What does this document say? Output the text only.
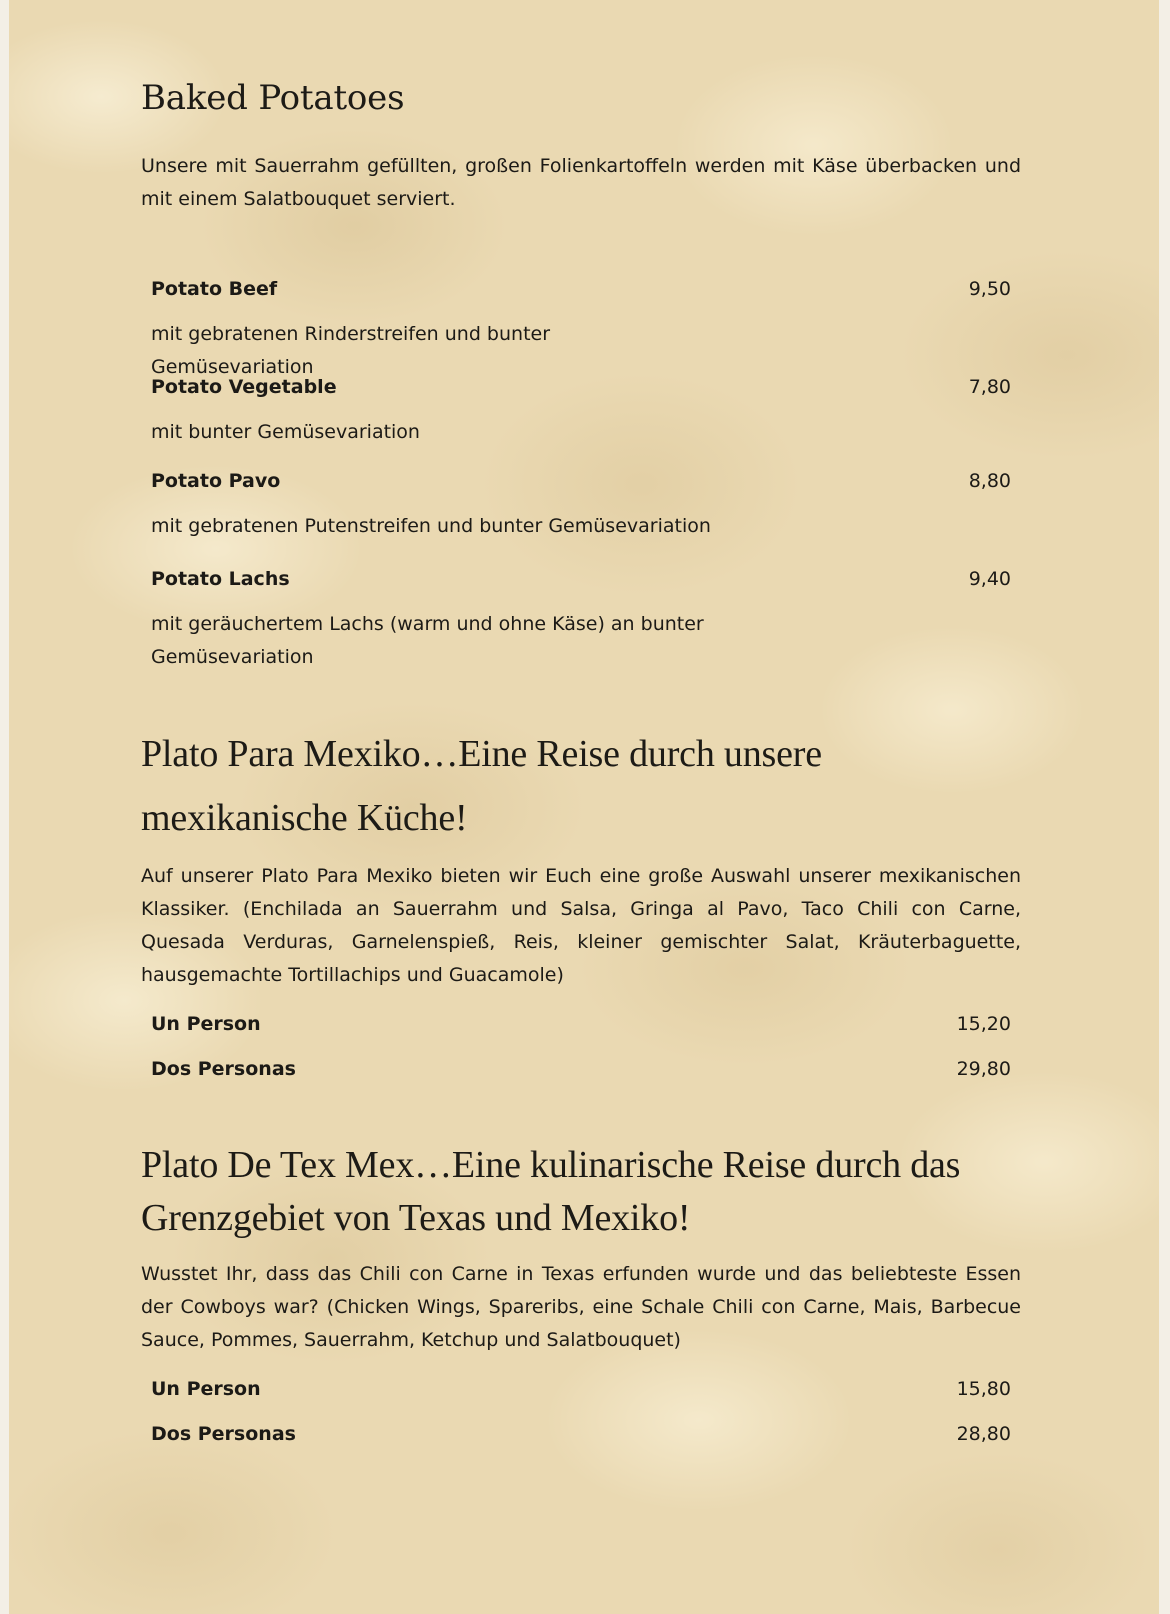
Baked Potatoes

Unsere mit Sauerrahm gefüllten, großen Folienkartoffeln werden mit Käse überbacken und mit einem Salatbouquet serviert.

Potato Beef	9,50

mit gebratenen Rinderstreifen und bunter Gemüsevariation

Potato Vegetable	7,80

mit bunter Gemüsevariation

Potato Pavo	8,80

mit gebratenen Putenstreifen und bunter Gemüsevariation

Potato Lachs	9,40

mit geräuchertem Lachs (warm und ohne Käse) an bunter Gemüsevariation

Plato Para Mexiko…Eine Reise durch unsere
mexikanische Küche!

Auf unserer Plato Para Mexiko bieten wir Euch eine große Auswahl unserer mexikanischen Klassiker. (Enchilada an Sauerrahm und Salsa, Gringa al Pavo, Taco Chili con Carne, Quesada Verduras, Garnelenspieß, Reis, kleiner gemischter Salat, Kräuterbaguette, hausgemachte Tortillachips und Guacamole)

Un Person	15,20
Dos Personas	29,80
Plato De Tex Mex…Eine kulinarische Reise durch das
Grenzgebiet von Texas und Mexiko!

Wusstet Ihr, dass das Chili con Carne in Texas erfunden wurde und das beliebteste Essen der Cowboys war? (Chicken Wings, Spareribs, eine Schale Chili con Carne, Mais, Barbecue Sauce, Pommes, Sauerrahm, Ketchup und Salatbouquet)

Un Person	15,80
Dos Personas	28,80
